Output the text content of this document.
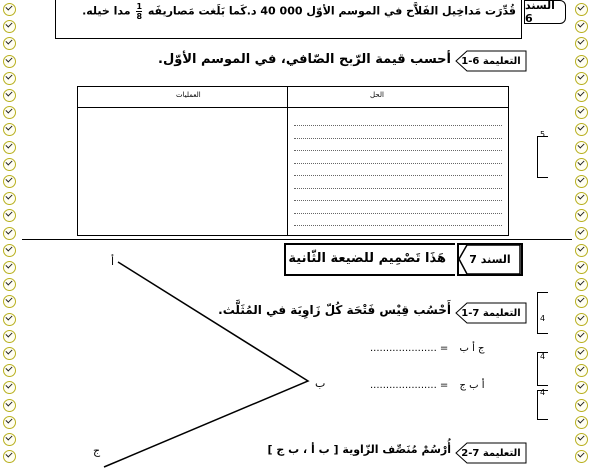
السند 6
قُدِّرَت مَداخِيل الفَلاَّح في الموسم الأوّل 000 40 د.كَما بَلَغت مَصاريفَه
$\frac{1}{8}$
مدا خيله.
التعليمة 6-1
أحسب قيمة الرّبح الصّافي، في الموسم الأوّل.
العمليات	الحل
هَذَا تَصْمِيم للضيعة الثّانية السند 7
أ
ب
ج
التعليمة 7-1
أَحْسُب قِيْس فَتْحَة كُلّ زَاوِيَة في المُثَلَّث.
ج أ ب = .....................
أ ب ج = .....................
التعليمة 7-2
أُرْسُمْ مُنَصِّف الزّاوية [ ب أ ، ب ج ]
5
4
4
4
